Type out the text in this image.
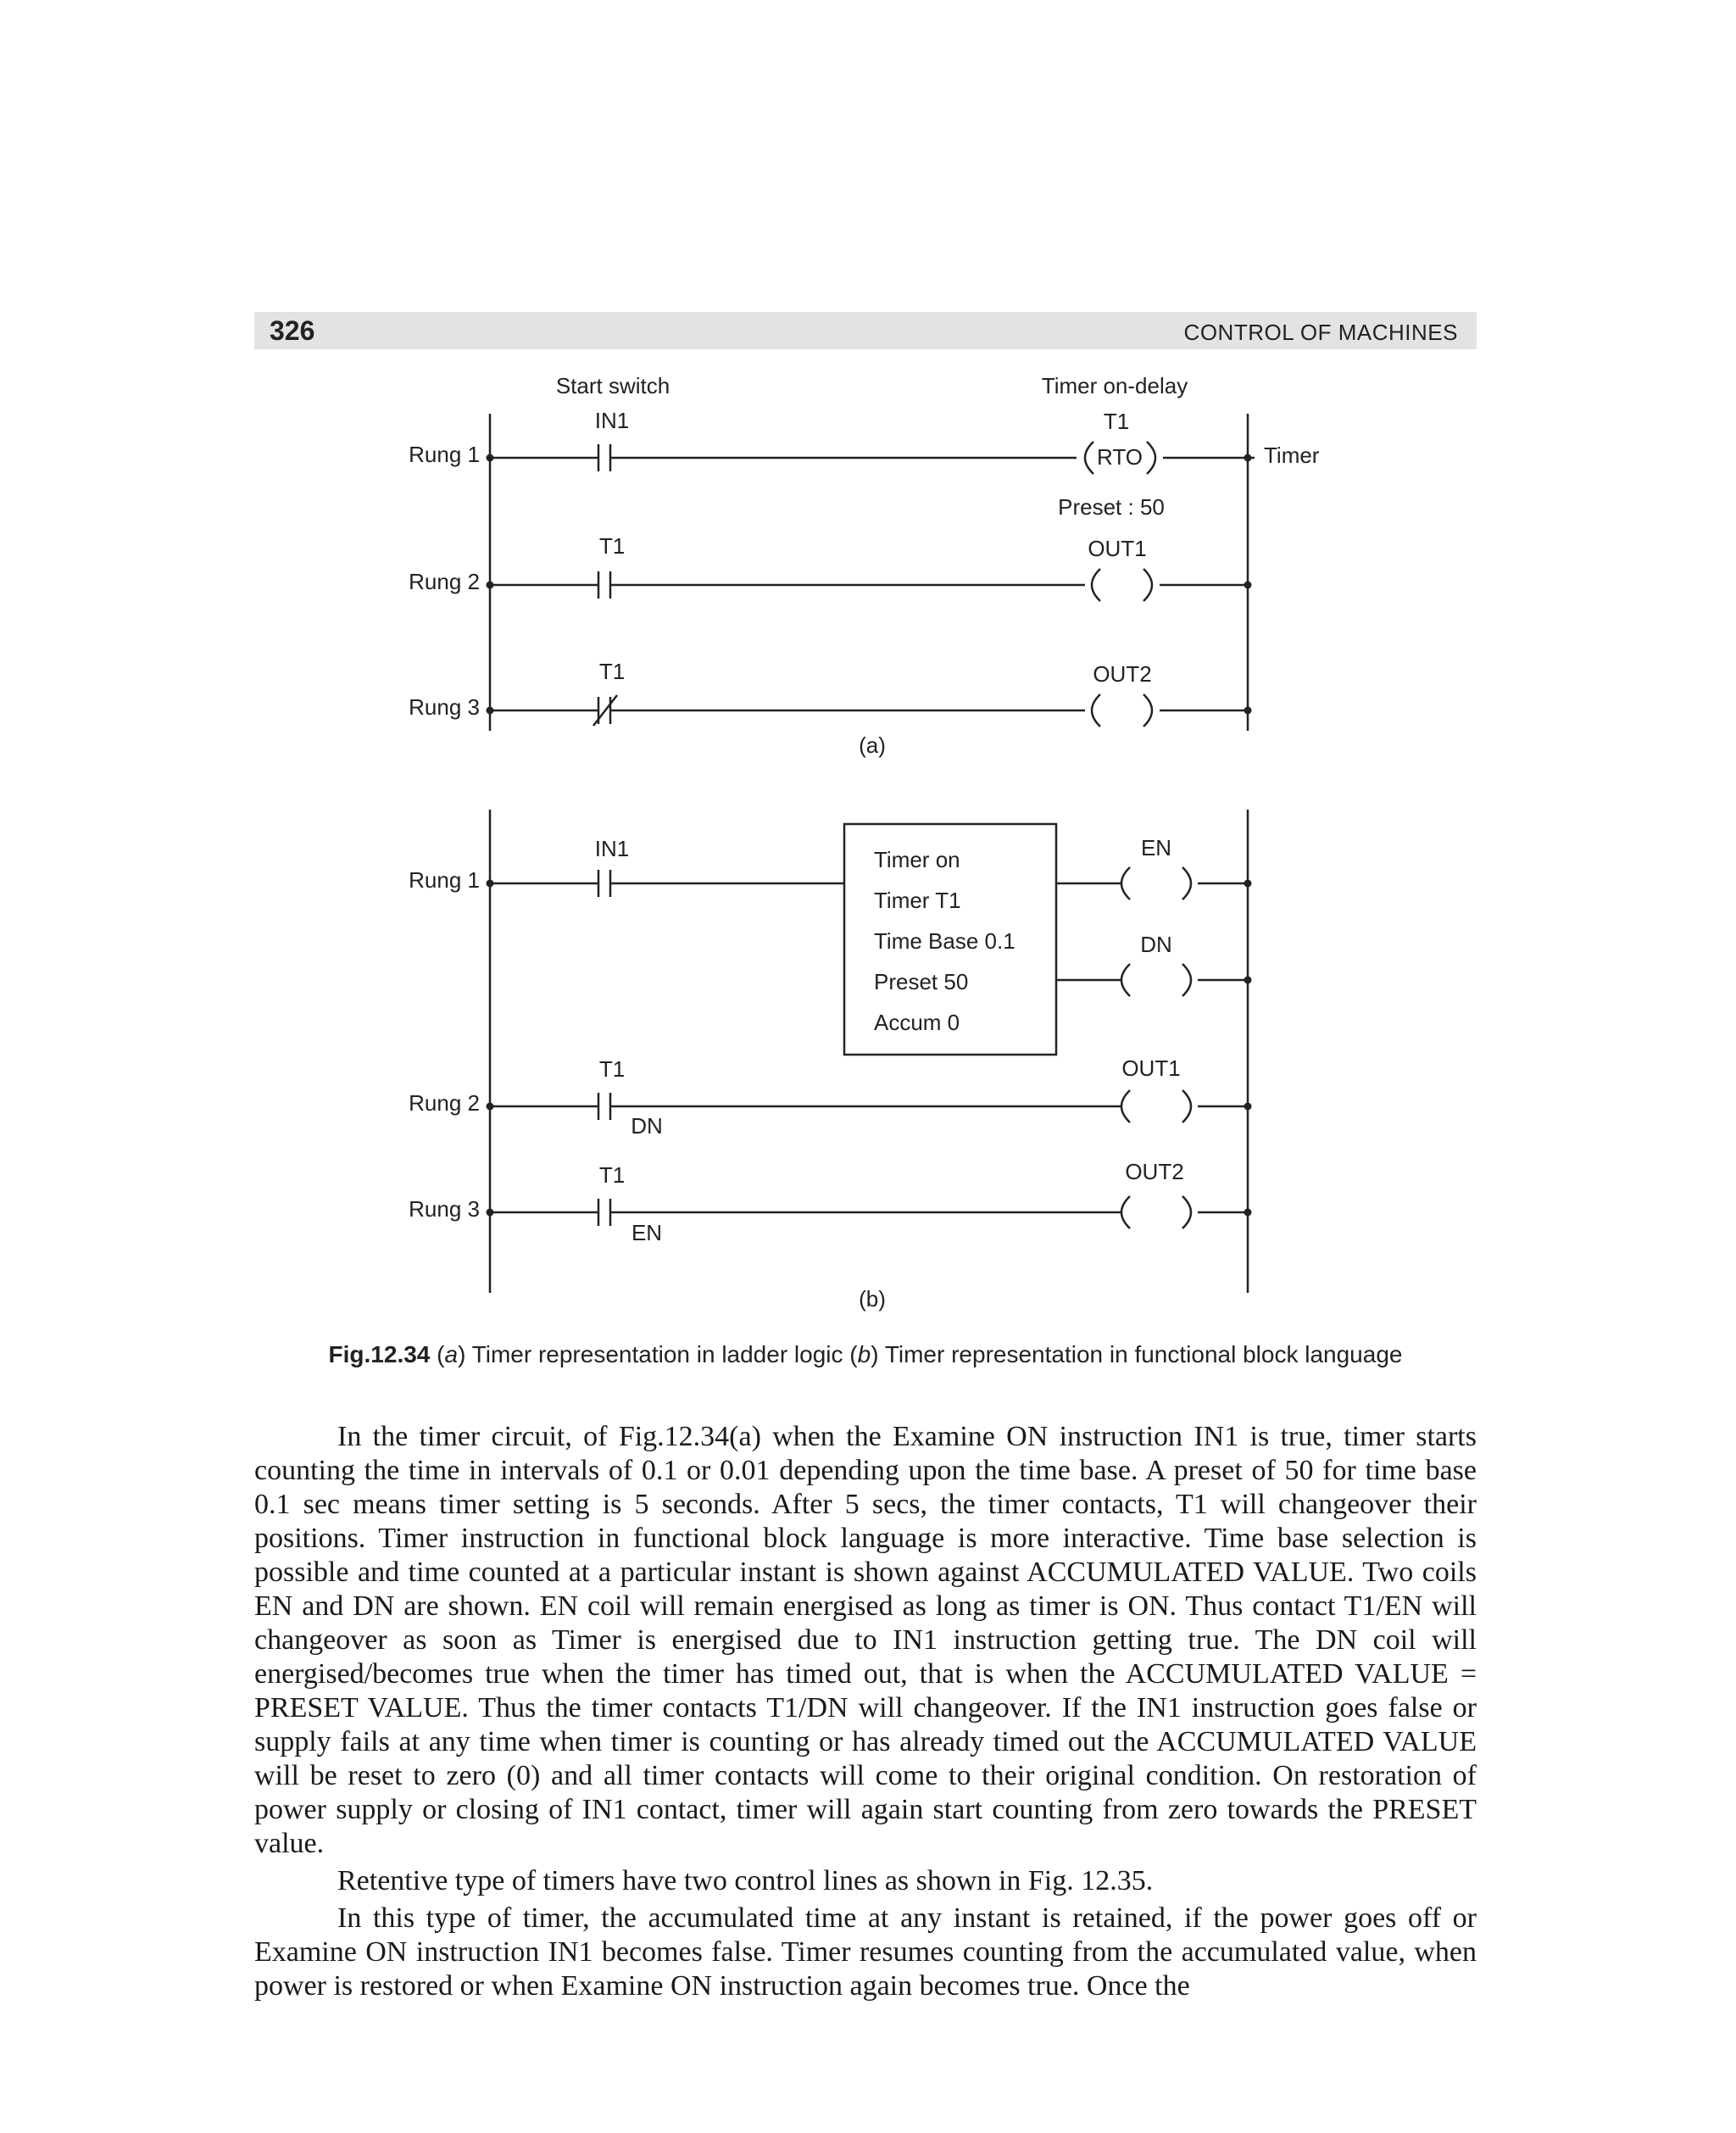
326	CONTROL OF MACHINES
Start switch	Timer on-delay
Rung 1
Rung 2
Rung 3
IN1
T1
T1
T1
RTO	Timer
Preset : 50
OUT1
OUT2
(a)
Rung 1
Rung 2
Rung 3
IN1
T1
T1
DN
EN
Timer on
Timer T1
Time Base 0.1
Preset 50
Accum 0
EN
DN
OUT1
OUT2
(b)
Fig.12.34 (a) Timer representation in ladder logic (b) Timer representation in functional block language

In the timer circuit, of Fig.12.34(a) when the Examine ON instruction IN1 is true, timer starts counting the time in intervals of 0.1 or 0.01 depending upon the time base. A preset of 50 for time base 0.1 sec means timer setting is 5 seconds. After 5 secs, the timer contacts, T1 will changeover their positions. Timer instruction in functional block language is more interactive. Time base selection is possible and time counted at a particular instant is shown against ACCUMULATED VALUE. Two coils EN and DN are shown. EN coil will remain energised as long as timer is ON. Thus contact T1/EN will changeover as soon as Timer is energised due to IN1 instruction getting true. The DN coil will energised/becomes true when the timer has timed out, that is when the ACCUMULATED VALUE = PRESET VALUE. Thus the timer contacts T1/DN will changeover. If the IN1 instruction goes false or supply fails at any time when timer is counting or has already timed out the ACCUMULATED VALUE will be reset to zero (0) and all timer contacts will come to their original condition. On restoration of power supply or closing of IN1 contact, timer will again start counting from zero towards the PRESET value.

Retentive type of timers have two control lines as shown in Fig. 12.35.

In this type of timer, the accumulated time at any instant is retained, if the power goes off or Examine ON instruction IN1 becomes false. Timer resumes counting from the accumulated value, when power is restored or when Examine ON instruction again becomes true. Once the
